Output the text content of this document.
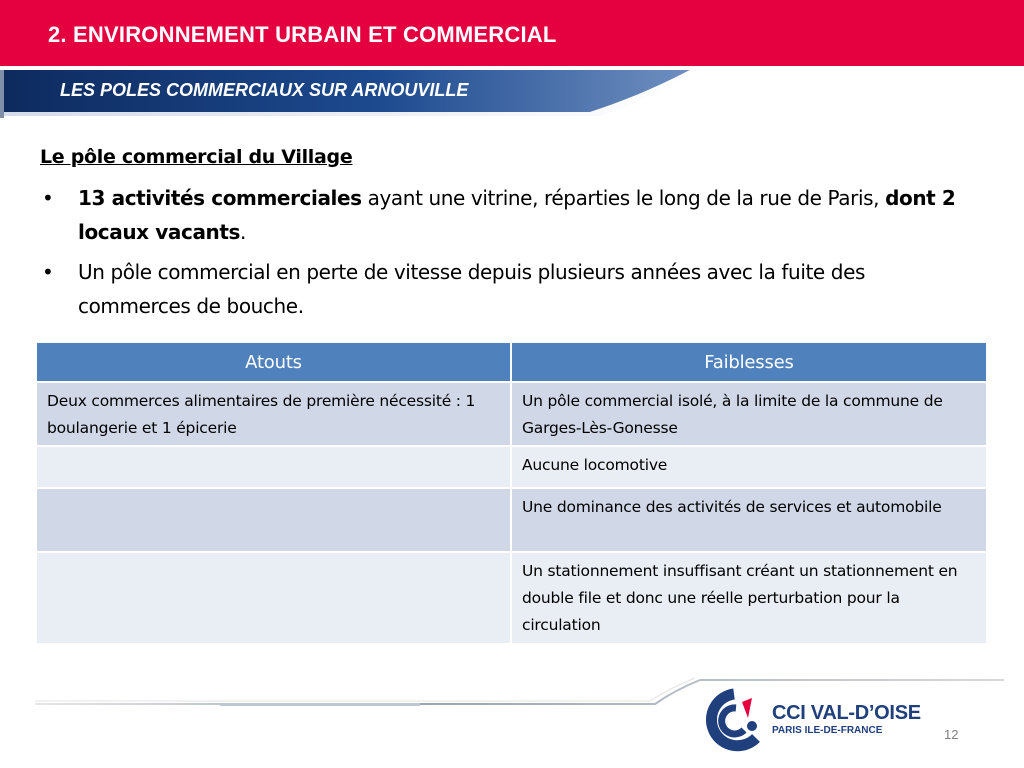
2. ENVIRONNEMENT URBAIN ET COMMERCIAL
LES POLES COMMERCIAUX SUR ARNOUVILLE
Le pôle commercial du Village
• 13 activités commerciales ayant une vitrine, réparties le long de la rue de Paris, dont 2 locaux vacants.
• Un pôle commercial en perte de vitesse depuis plusieurs années avec la fuite des commerces de bouche.
Atouts	Faiblesses
Deux commerces alimentaires de première nécessité : 1 boulangerie et 1 épicerie
Un pôle commercial isolé, à la limite de la commune de Garges-Lès-Gonesse
Aucune locomotive
Une dominance des activités de services et automobile
Un stationnement insuffisant créant un stationnement en double file et donc une réelle perturbation pour la circulation
CCI VAL-D’OISE
PARIS ILE-DE-FRANCE	12
